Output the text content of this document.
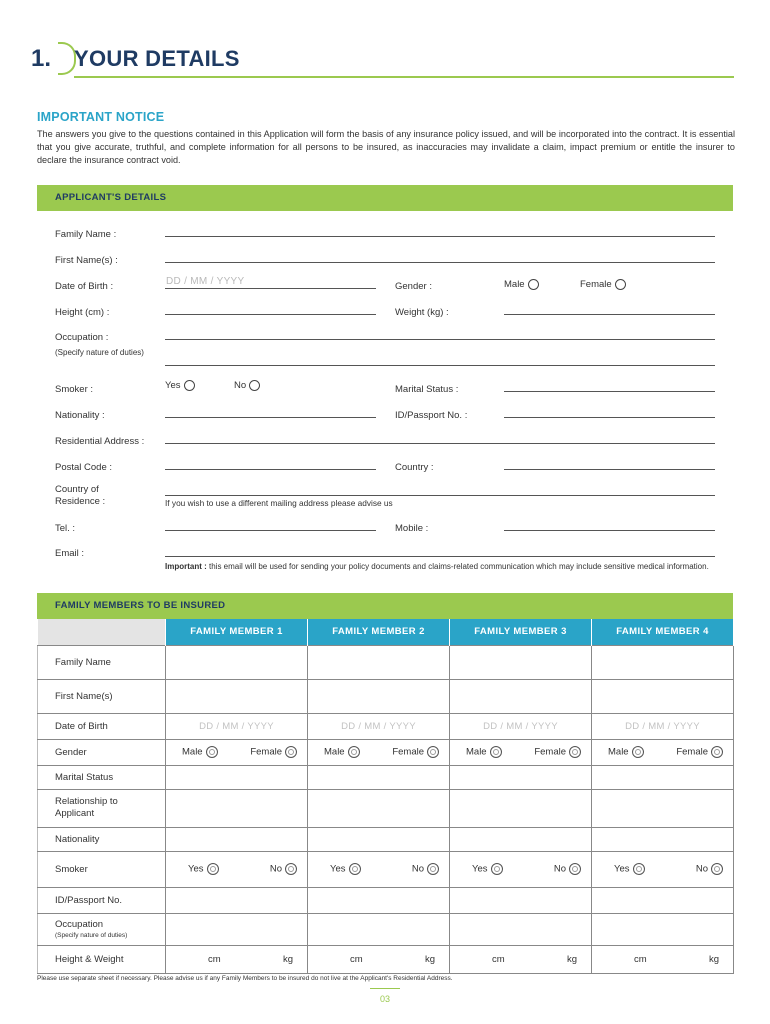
1.	YOUR DETAILS
IMPORTANT NOTICE
The answers you give to the questions contained in this Application will form the basis of any insurance policy issued, and will be incorporated into the contract. It is essential that you give accurate, truthful, and complete information for all persons to be insured, as inaccuracies may invalidate a claim, impact premium or entitle the insurer to declare the insurance contract void.
APPLICANT'S DETAILS
Family Name :
First Name(s) :
Date of Birth :	DD / MM / YYYY	Gender :	Male	Female
Height (cm) :	Weight (kg) :
Occupation :
(Specify nature of duties)
Smoker :	Yes	No	Marital Status :
Nationality :	ID/Passport No. :
Residential Address :
Postal Code :	Country :
Country of
Residence :	If you wish to use a different mailing address please advise us
Tel. :	Mobile :
Email :
Important : this email will be used for sending your policy documents and claims-related communication which may include sensitive medical information.
FAMILY MEMBERS TO BE INSURED
	FAMILY MEMBER 1	FAMILY MEMBER 2	FAMILY MEMBER 3	FAMILY MEMBER 4
Family Name				
First Name(s)				
Date of Birth	DD / MM / YYYY	DD / MM / YYYY	DD / MM / YYYY	DD / MM / YYYY
Gender	Male Female	Male Female	Male Female	Male Female

Marital Status				

Relationship to
Applicant				

Nationality				
Smoker	Yes No	Yes No	Yes No	Yes No

ID/Passport No.				

Occupation
(Specify nature of duties)				

Height & Weight	cm kg	cm kg	cm kg	cm kg
Please use separate sheet if necessary. Please advise us if any Family Members to be insured do not live at the Applicant's Residential Address.
03
